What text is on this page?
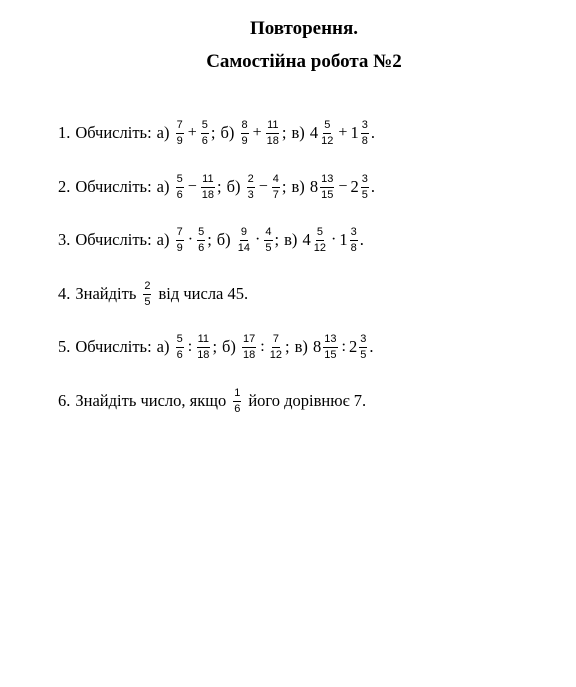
Повторення.
Самостійна робота №2
1. Обчисліть: а)
$\frac{7}{9} + \frac{5}{6}$ ; б)
$\frac{8}{9} + \frac{11}{18}$ ; в)
$4 \frac{5}{12} + 1 \frac{3}{8}$ .
2. Обчисліть: а)
$\frac{5}{6} - \frac{11}{18}$ ; б)
$\frac{2}{3} - \frac{4}{7}$ ; в)
$8 \frac{13}{15} - 2 \frac{3}{5}$ .
3. Обчисліть: а)
$\frac{7}{9} \cdot \frac{5}{6}$ ; б)
$\frac{9}{14} \cdot \frac{4}{5}$ ; в)
$4 \frac{5}{12} \cdot 1 \frac{3}{8}$ .
4. Знайдіть $\frac{2}{5}$ від числа 45.
5. Обчисліть: а)
$\frac{5}{6}$ : $\frac{11}{18}$ ; б)
$\frac{17}{18}$ : $\frac{7}{12}$ ; в)
$8 \frac{13}{15}$ : $2 \frac{3}{5}$ .
6. Знайдіть число, якщо $\frac{1}{6}$ його дорівнює 7.
